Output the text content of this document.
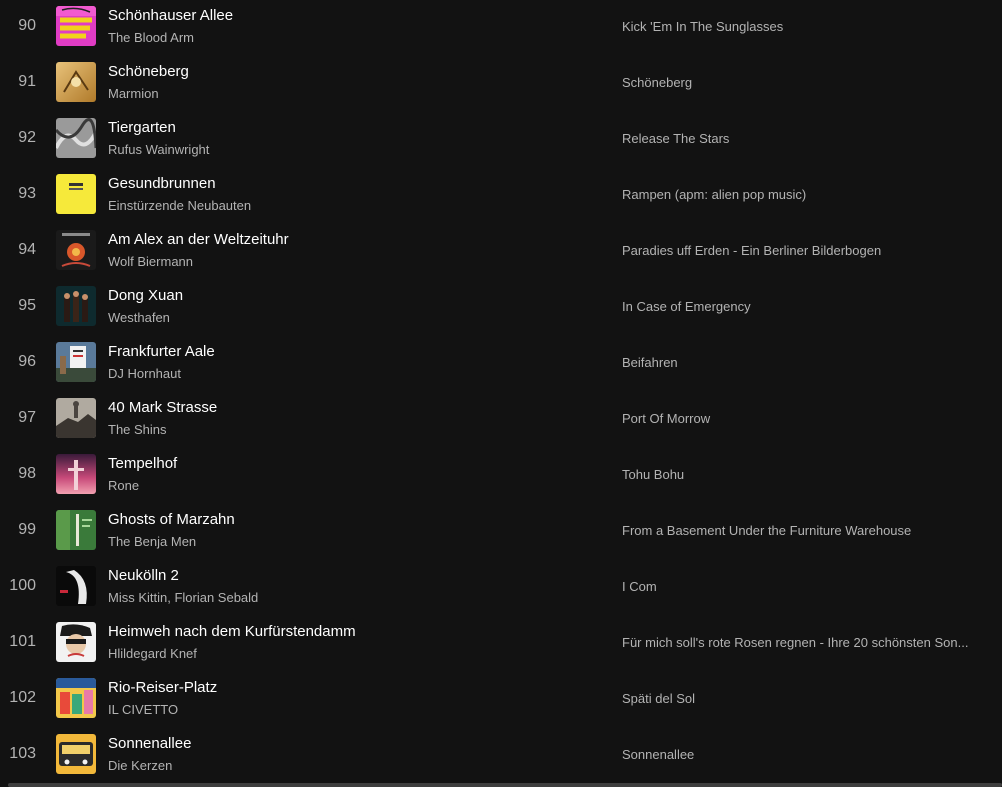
90
Schönhauser Allee
The Blood Arm
Kick 'Em In The Sunglasses
91
Schöneberg
Marmion
Schöneberg
92
Tiergarten
Rufus Wainwright
Release The Stars
93
Gesundbrunnen
Einstürzende Neubauten
Rampen (apm: alien pop music)
94
Am Alex an der Weltzeituhr
Wolf Biermann
Paradies uff Erden - Ein Berliner Bilderbogen
95
Dong Xuan
Westhafen
In Case of Emergency
96
Frankfurter Aale
DJ Hornhaut
Beifahren
97
40 Mark Strasse
The Shins
Port Of Morrow
98
Tempelhof
Rone
Tohu Bohu
99
Ghosts of Marzahn
The Benja Men
From a Basement Under the Furniture Warehouse
100
Neukölln 2
Miss Kittin, Florian Sebald
I Com
101
Heimweh nach dem Kurfürstendamm
Hlildegard Knef
Für mich soll's rote Rosen regnen - Ihre 20 schönsten Son...
102
Rio-Reiser-Platz
IL CIVETTO
Späti del Sol
103
Sonnenallee
Die Kerzen
Sonnenallee
